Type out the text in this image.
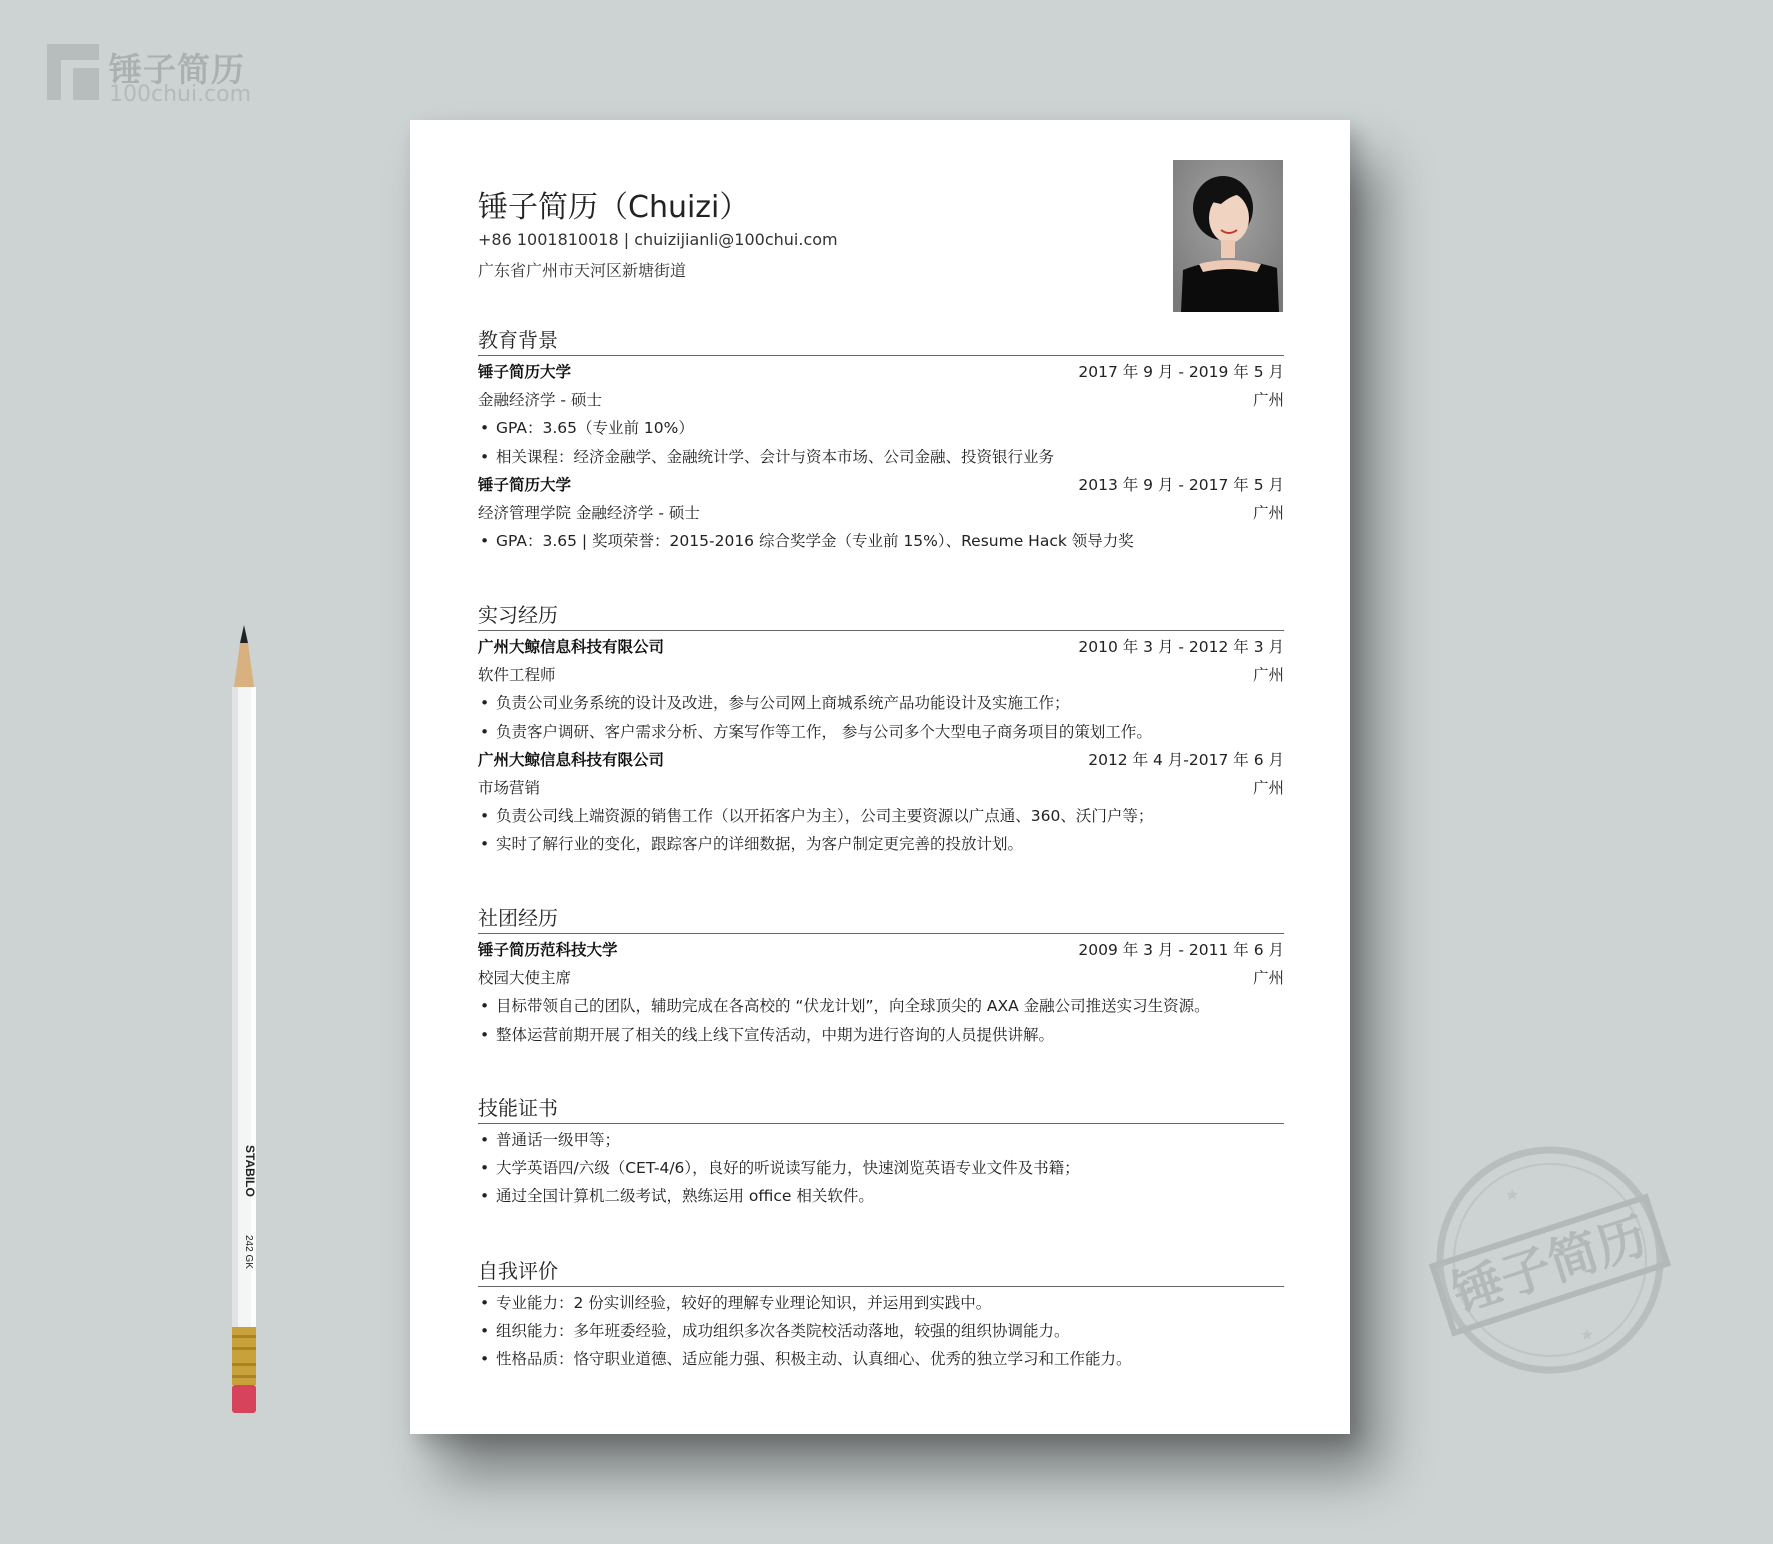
锤子简历
100chui.com
STABILO
242 GK	锤子简历
★
★
锤子简历（Chuizi）
+86 1001810018 | chuizijianli@100chui.com
广东省广州市天河区新塘街道
教育背景
锤子简历大学	2017 年 9 月 - 2019 年 5 月
金融经济学 - 硕士	广州
• GPA：3.65（专业前 10%）
• 相关课程：经济金融学、金融统计学、会计与资本市场、公司金融、投资银行业务
锤子简历大学	2013 年 9 月 - 2017 年 5 月
经济管理学院 金融经济学 - 硕士	广州
• GPA：3.65 | 奖项荣誉：2015-2016 综合奖学金（专业前 15%）、Resume Hack 领导力奖
实习经历
广州大鲸信息科技有限公司	2010 年 3 月 - 2012 年 3 月
软件工程师	广州
• 负责公司业务系统的设计及改进，参与公司网上商城系统产品功能设计及实施工作；
• 负责客户调研、客户需求分析、方案写作等工作， 参与公司多个大型电子商务项目的策划工作。
广州大鲸信息科技有限公司	2012 年 4 月-2017 年 6 月
市场营销	广州
• 负责公司线上端资源的销售工作（以开拓客户为主），公司主要资源以广点通、360、沃门户等；
• 实时了解行业的变化，跟踪客户的详细数据，为客户制定更完善的投放计划。
社团经历
锤子简历范科技大学	2009 年 3 月 - 2011 年 6 月
校园大使主席	广州
• 目标带领自己的团队，辅助完成在各高校的 “伏龙计划”，向全球顶尖的 AXA 金融公司推送实习生资源。
• 整体运营前期开展了相关的线上线下宣传活动，中期为进行咨询的人员提供讲解。
技能证书
• 普通话一级甲等；
• 大学英语四/六级（CET-4/6），良好的听说读写能力，快速浏览英语专业文件及书籍；
• 通过全国计算机二级考试，熟练运用 office 相关软件。
自我评价
• 专业能力：2 份实训经验，较好的理解专业理论知识，并运用到实践中。
• 组织能力：多年班委经验，成功组织多次各类院校活动落地，较强的组织协调能力。
• 性格品质：恪守职业道德、适应能力强、积极主动、认真细心、优秀的独立学习和工作能力。
